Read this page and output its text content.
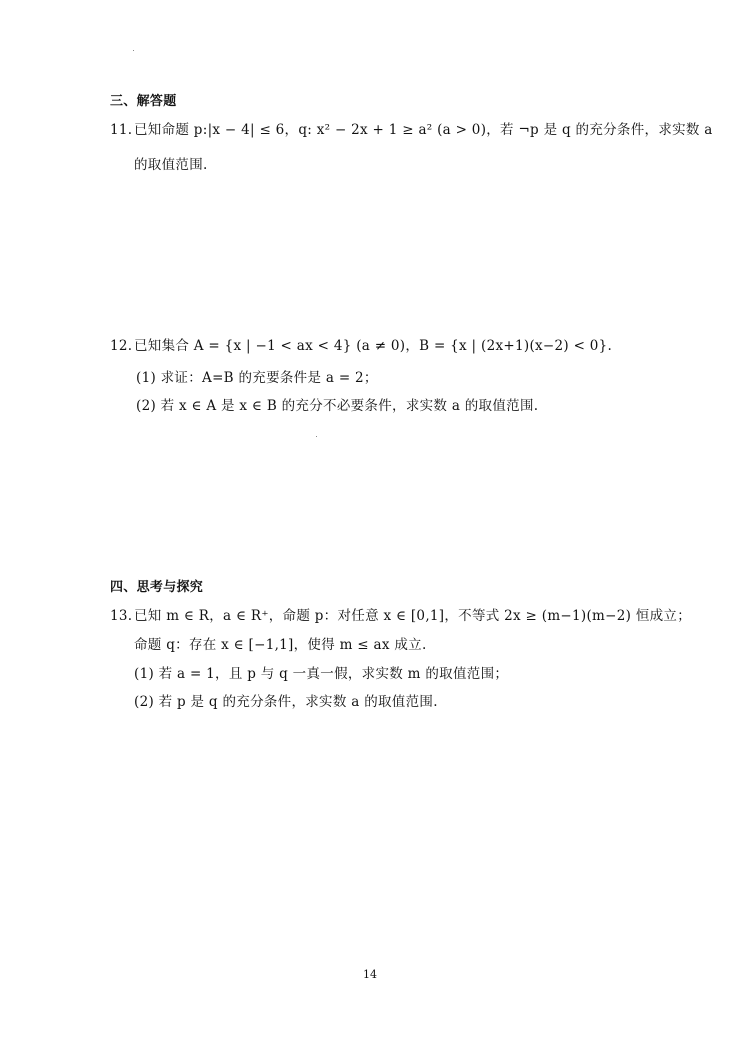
三、解答题
11. 已知命题 p:|x − 4| ≤ 6，q: x² − 2x + 1 ≥ a² (a > 0)，若 ¬p 是 q 的充分条件，求实数 a
的取值范围.
12. 已知集合 A = {x | −1 < ax < 4} (a ≠ 0)，B = {x | (2x+1)(x−2) < 0}.
(1) 求证：A=B 的充要条件是 a = 2；
(2) 若 x ∈ A 是 x ∈ B 的充分不必要条件，求实数 a 的取值范围.
四、思考与探究
13. 已知 m ∈ R，a ∈ R⁺，命题 p：对任意 x ∈ [0,1]，不等式 2x ≥ (m−1)(m−2) 恒成立；
命题 q：存在 x ∈ [−1,1]，使得 m ≤ ax 成立.
(1) 若 a = 1，且 p 与 q 一真一假，求实数 m 的取值范围；
(2) 若 p 是 q 的充分条件，求实数 a 的取值范围.
14
